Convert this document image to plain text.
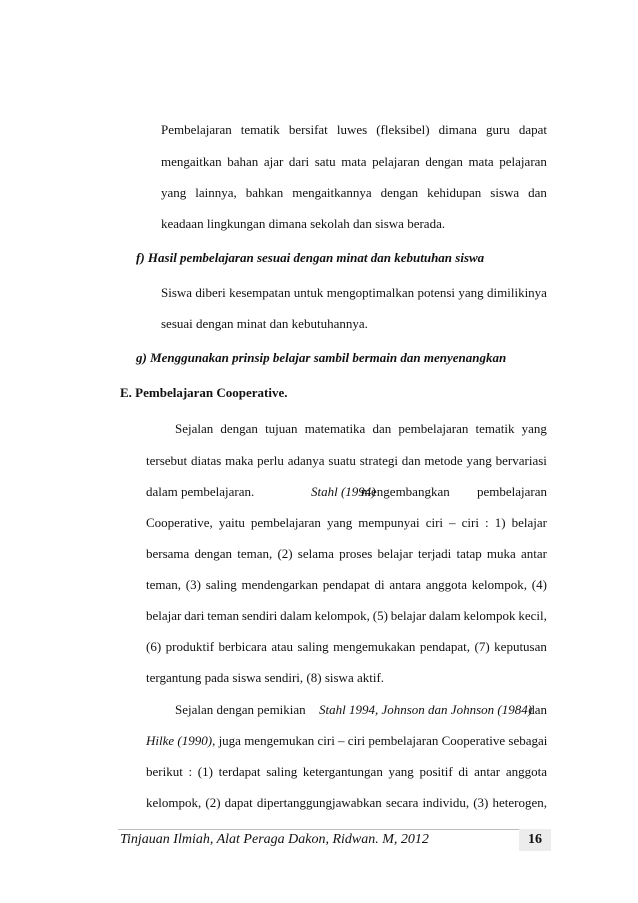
Pembelajaran tematik bersifat luwes (fleksibel) dimana guru dapat
mengaitkan bahan ajar dari satu mata pelajaran dengan mata pelajaran
yang lainnya, bahkan mengaitkannya dengan kehidupan siswa dan
keadaan lingkungan dimana sekolah dan siswa berada.
f) Hasil pembelajaran sesuai dengan minat dan kebutuhan siswa
Siswa diberi kesempatan untuk mengoptimalkan potensi yang dimilikinya
sesuai dengan minat dan kebutuhannya.
g) Menggunakan prinsip belajar sambil bermain dan menyenangkan
E. Pembelajaran Cooperative.
Sejalan dengan tujuan matematika dan pembelajaran tematik yang
tersebut diatas maka perlu adanya suatu strategi dan metode yang bervariasi
dalam pembelajaran.	Stahl (1994)
mengembangkan pembelajaran
Cooperative, yaitu pembelajaran yang mempunyai ciri – ciri : 1) belajar
bersama dengan teman, (2) selama proses belajar terjadi tatap muka antar
teman, (3) saling mendengarkan pendapat di antara anggota kelompok, (4)
belajar dari teman sendiri dalam kelompok, (5) belajar dalam kelompok kecil,
(6) produktif berbicara atau saling mengemukakan pendapat, (7) keputusan
tergantung pada siswa sendiri, (8) siswa aktif.
Sejalan dengan pemikian Stahl 1994, Johnson dan Johnson (1984)
dan
Hilke (1990), juga mengemukan ciri – ciri pembelajaran Cooperative sebagai
berikut : (1) terdapat saling ketergantungan yang positif di antar anggota
kelompok, (2) dapat dipertanggungjawabkan secara individu, (3) heterogen,
Tinjauan Ilmiah, Alat Peraga Dakon, Ridwan. M, 2012	16
